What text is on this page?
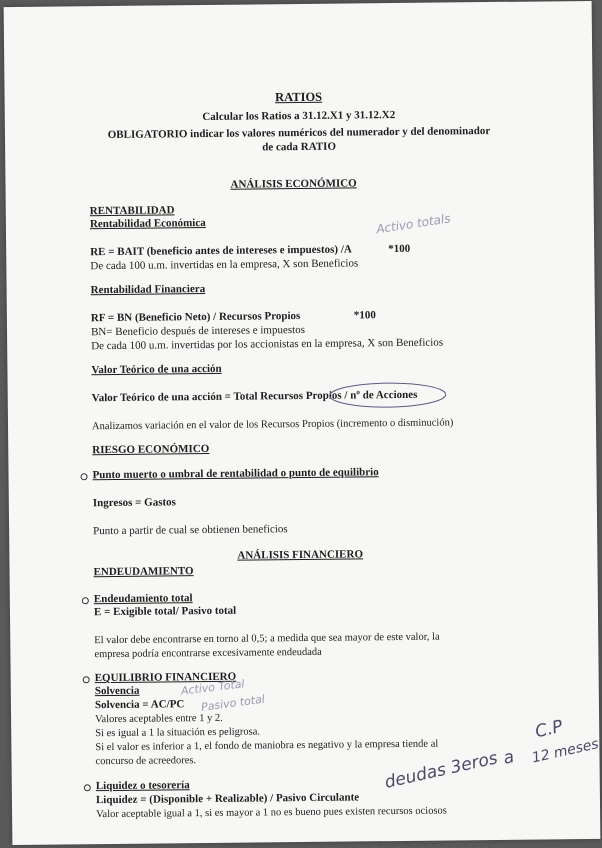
RATIOS
Calcular los Ratios a 31.12.X1 y 31.12.X2
OBLIGATORIO indicar los valores numéricos del numerador y del denominador
de cada RATIO
ANÁLISIS ECONÓMICO
RENTABILIDAD
Rentabilidad Económica	Activo totals
RE = BAIT (beneficio antes de intereses e impuestos) /A	*100
De cada 100 u.m. invertidas en la empresa, X son Beneficios
Rentabilidad Financiera
RF = BN (Beneficio Neto) / Recursos Propios	*100
BN= Beneficio después de intereses e impuestos
De cada 100 u.m. invertidas por los accionistas en la empresa, X son Beneficios
Valor Teórico de una acción
Valor Teórico de una acción = Total Recursos Propios / nº de Acciones
Analizamos variación en el valor de los Recursos Propios (incremento o disminución)
RIESGO ECONÓMICO
Punto muerto o umbral de rentabilidad o punto de equilibrio
Ingresos = Gastos
Punto a partir de cual se obtienen beneficios
ANÁLISIS FINANCIERO
ENDEUDAMIENTO
Endeudamiento total
E = Exigible total/ Pasivo total
El valor debe encontrarse en torno al 0,5; a medida que sea mayor de este valor, la
empresa podría encontrarse excesivamente endeudada
EQUILIBRIO FINANCIERO
Solvencia	Activo Total
Solvencia = AC/PC Pasivo total
Valores aceptables entre 1 y 2.
Si es igual a 1 la situación es peligrosa.
Si el valor es inferior a 1, el fondo de maniobra es negativo y la empresa tiende al
concurso de acreedores.
Liquidez o tesorería
Liquidez = (Disponible + Realizable) / Pasivo Circulante
Valor aceptable igual a 1, si es mayor a 1 no es bueno pues existen recursos ociosos
deudas 3eros a
C.P
12 meses
